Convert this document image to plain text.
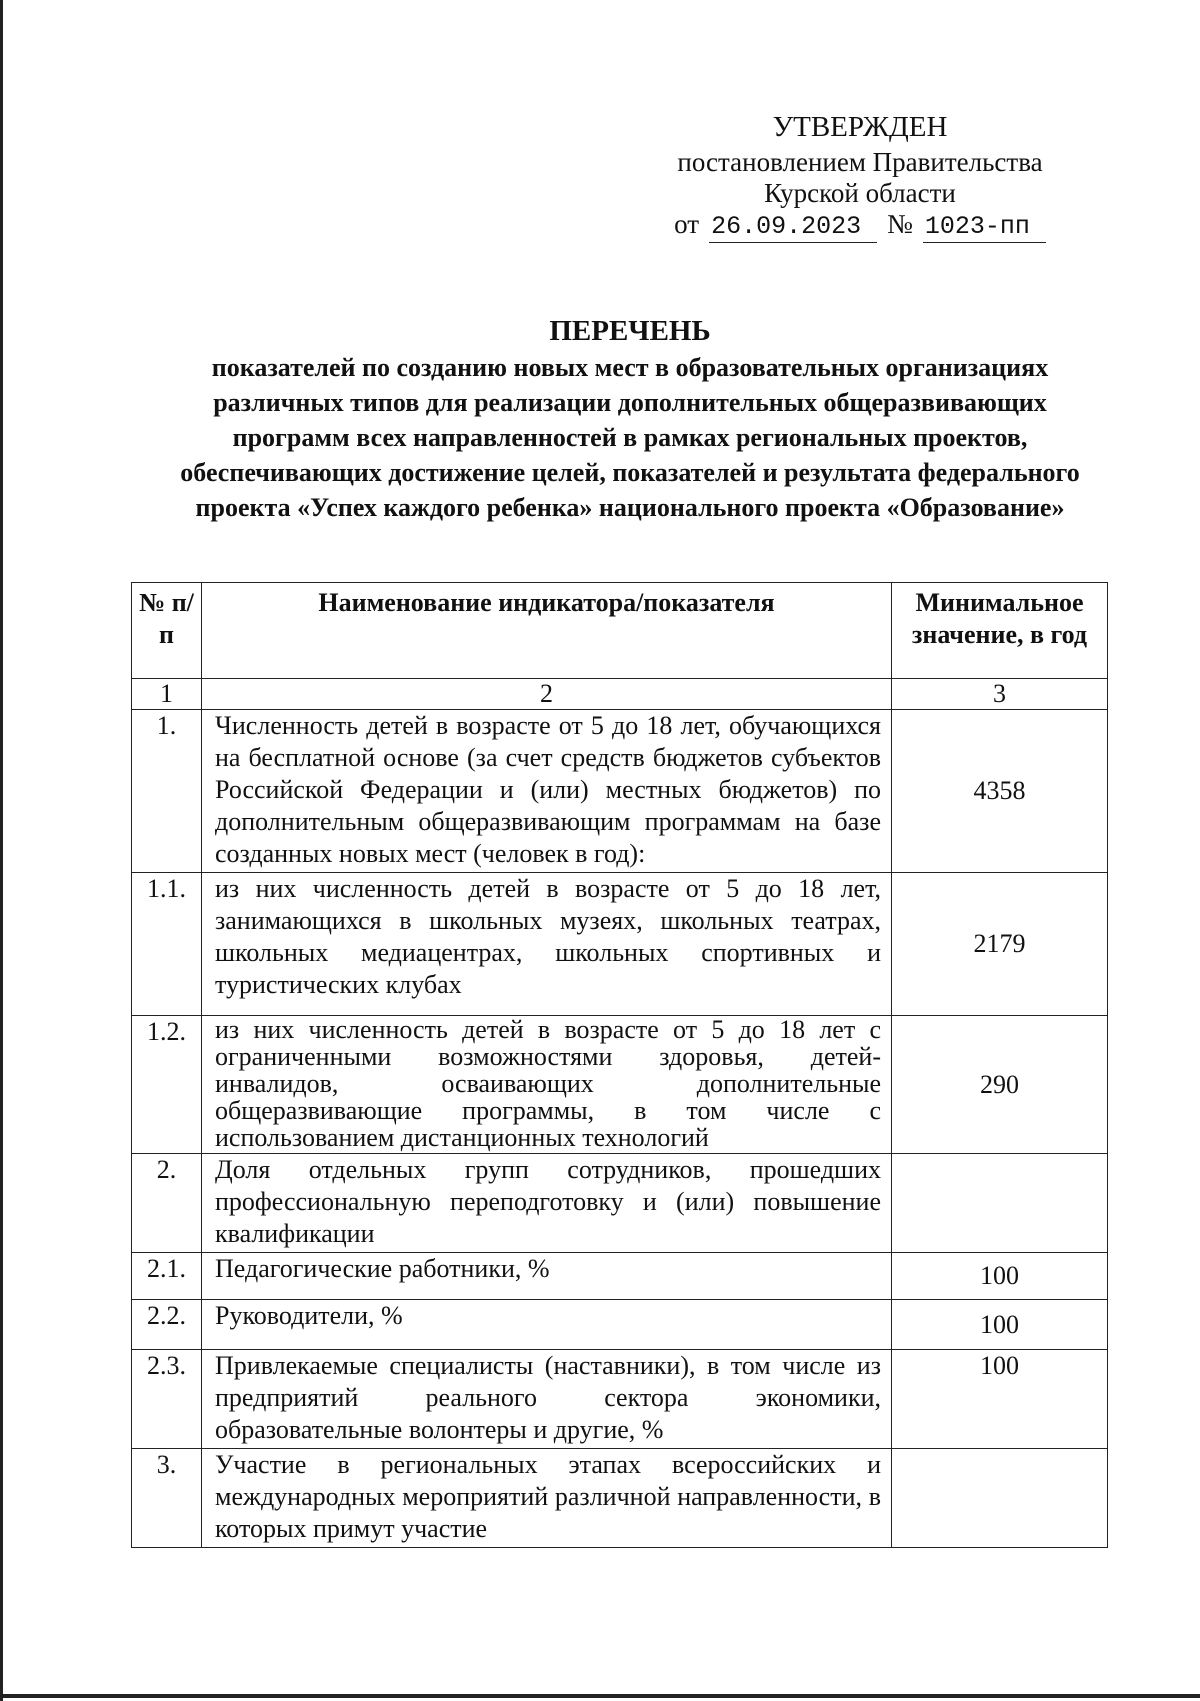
УТВЕРЖДЕН
постановлением Правительства
Курской области
от 26.09.2023 № 1023-пп
ПЕРЕЧЕНЬ
показателей по созданию новых мест в образовательных организациях различных типов для реализации дополнительных общеразвивающих программ всех направленностей в рамках региональных проектов, обеспечивающих достижение целей, показателей и результата федерального проекта «Успех каждого ребенка» национального проекта «Образование»
№ п/п	Наименование индикатора/показателя	Минимальное значение, в год
1	2	3
1.	Численность детей в возрасте от 5 до 18 лет, обучающихся на бесплатной основе (за счет средств бюджетов субъектов Российской Федерации и (или) местных бюджетов) по дополнительным общеразвивающим программам на базе созданных новых мест (человек в год):	4358
1.1.	из них численность детей в возрасте от 5 до 18 лет, занимающихся в школьных музеях, школьных театрах, школьных медиацентрах, школьных спортивных и туристических клубах	2179
1.2.	из них численность детей в возрасте от 5 до 18 лет с ограниченными возможностями здоровья, детей-инвалидов, осваивающих дополнительные общеразвивающие программы, в том числе с использованием дистанционных технологий	290
2.	Доля отдельных групп сотрудников, прошедших профессиональную переподготовку и (или) повышение квалификации	
2.1.	Педагогические работники, %	100
2.2.	Руководители, %	100
2.3.	Привлекаемые специалисты (наставники), в том числе из предприятий реального сектора экономики, образовательные волонтеры и другие, %	100
3.	Участие в региональных этапах всероссийских и международных мероприятий различной направленности, в которых примут участие	
